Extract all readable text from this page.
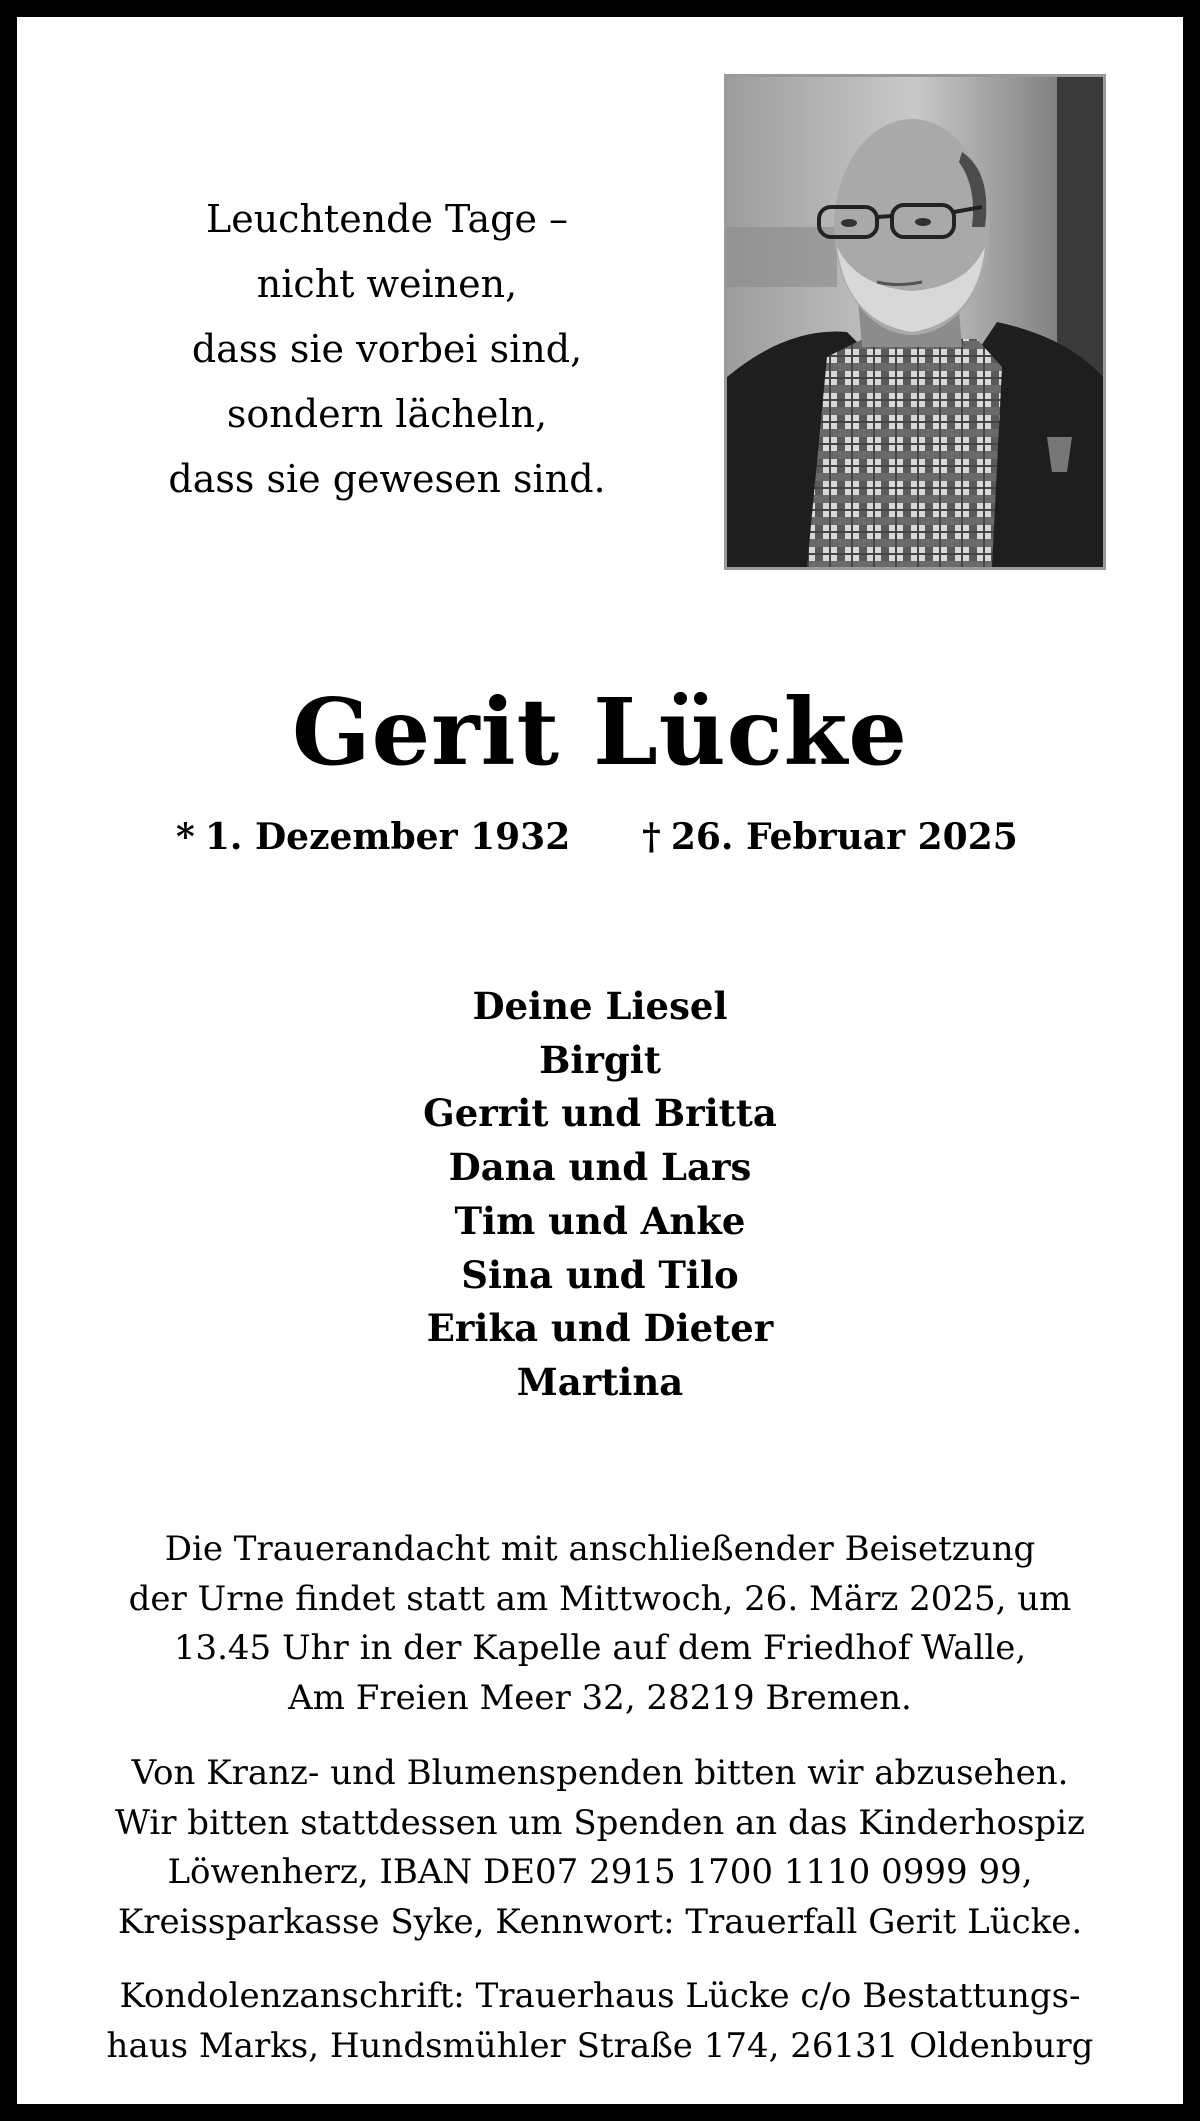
Leuchtende Tage –
nicht weinen,
dass sie vorbei sind,
sondern lächeln,
dass sie gewesen sind.
Gerit Lücke
* 1. Dezember 1932 † 26. Februar 2025
Deine Liesel
Birgit
Gerrit und Britta
Dana und Lars
Tim und Anke
Sina und Tilo
Erika und Dieter
Martina
Die Trauerandacht mit anschließender Beisetzung
der Urne findet statt am Mittwoch, 26. März 2025, um
13.45 Uhr in der Kapelle auf dem Friedhof Walle,
Am Freien Meer 32, 28219 Bremen.
Von Kranz- und Blumenspenden bitten wir abzusehen.
Wir bitten stattdessen um Spenden an das Kinderhospiz
Löwenherz, IBAN DE07 2915 1700 1110 0999 99,
Kreissparkasse Syke, Kennwort: Trauerfall Gerit Lücke.
Kondolenzanschrift: Trauerhaus Lücke c/o Bestattungs-
haus Marks, Hundsmühler Straße 174, 26131 Oldenburg
